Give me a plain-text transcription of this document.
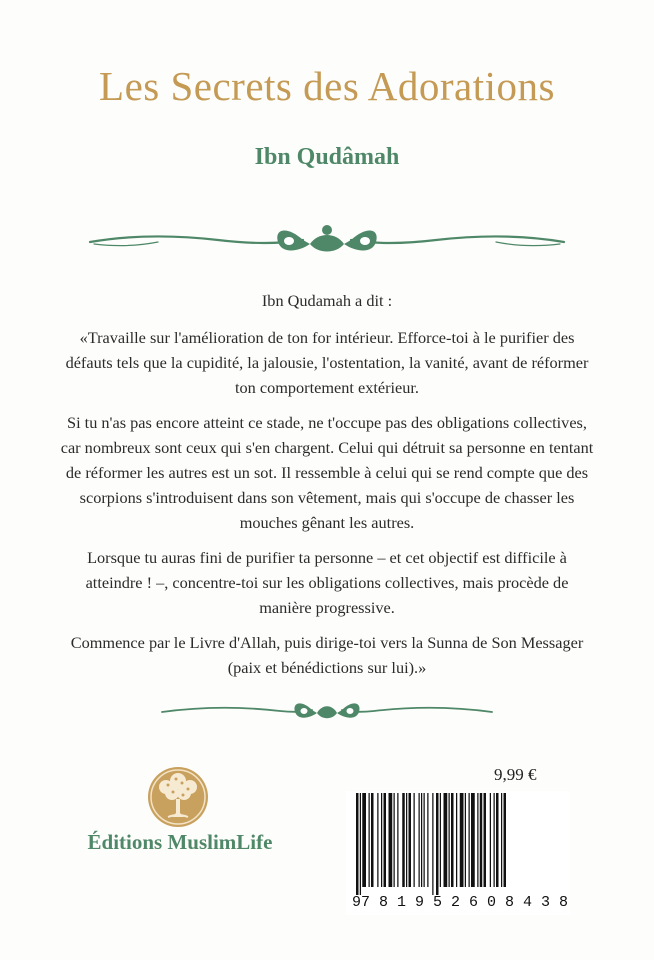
Les Secrets des Adorations
Ibn Qudâmah

Ibn Qudamah a dit :

«Travaille sur l'amélioration de ton for intérieur. Efforce-toi à le purifier des défauts tels que la cupidité, la jalousie, l'ostentation, la vanité, avant de réformer ton comportement extérieur.

Si tu n'as pas encore atteint ce stade, ne t'occupe pas des obligations collectives, car nombreux sont ceux qui s'en chargent. Celui qui détruit sa personne en tentant de réformer les autres est un sot. Il ressemble à celui qui se rend compte que des scorpions s'introduisent dans son vêtement, mais qui s'occupe de chasser les mouches gênant les autres.

Lorsque tu auras fini de purifier ta personne – et cet objectif est difficile à atteindre ! –, concentre-toi sur les obligations collectives, mais procède de manière progressive.

Commence par le Livre d'Allah, puis dirige-toi vers la Sunna de Son Messager (paix et bénédictions sur lui).»

Éditions MuslimLife
9,99 €
9 781952 608438
